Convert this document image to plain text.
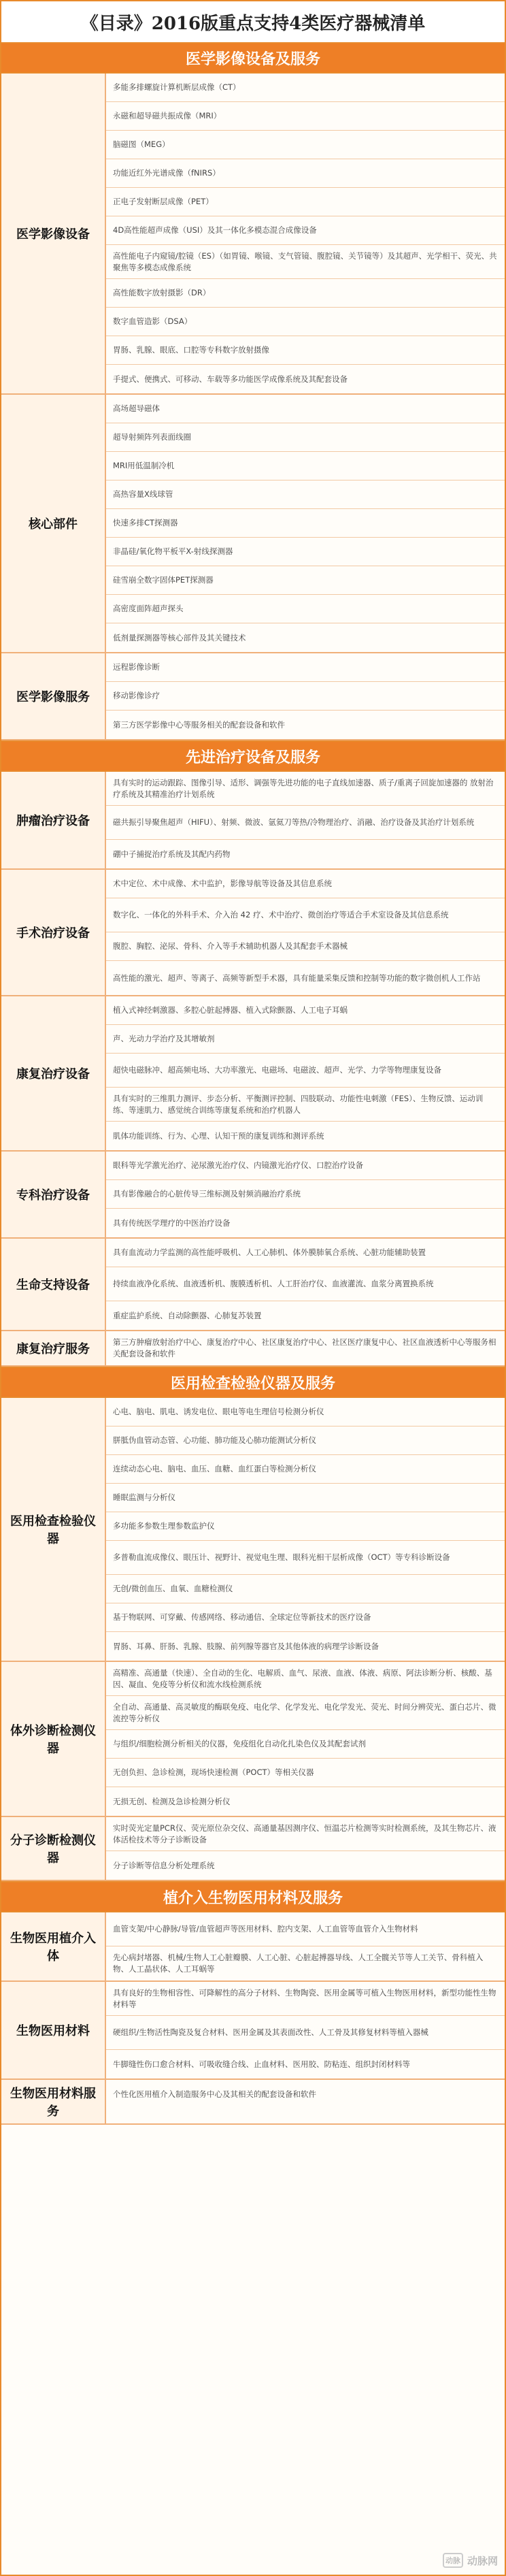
《目录》2016版重点支持4类医疗器械清单
医学影像设备及服务
医学影像设备
多能多排螺旋计算机断层成像（CT）
永磁和超导磁共振成像（MRI）
脑磁图（MEG）
功能近红外光谱成像（fNIRS）
正电子发射断层成像（PET）
4D高性能超声成像（USI）及其一体化多模态混合成像设备
高性能电子内窥镜/腔镜（ES）（如胃镜、喉镜、支气管镜、腹腔镜、关节镜等）及其超声、光学相干、荧光、共聚焦等多模态成像系统
高性能数字放射摄影（DR）
数字血管造影（DSA）
胃肠、乳腺、眼底、口腔等专科数字放射摄像
手提式、便携式、可移动、车载等多功能医学成像系统及其配套设备
核心部件
高场超导磁体
超导射频阵列表面线圈
MRI用低温制冷机
高热容量X线球管
快速多排CT探测器
非晶硅/氧化物平板平X-射线探测器
硅雪崩全数字固体PET探测器
高密度面阵超声探头
低剂量探测器等核心部件及其关键技术
医学影像服务
远程影像诊断
移动影像诊疗
第三方医学影像中心等服务相关的配套设备和软件
先进治疗设备及服务
肿瘤治疗设备
具有实时的运动跟踪、图像引导、适形、调强等先进功能的电子直线加速器、质子/重离子回旋加速器的 放射治疗系统及其精准治疗计划系统
磁共振引导聚焦超声（HIFU）、射频、微波、氩氦刀等热/冷物理治疗、消融、治疗设备及其治疗计划系统
硼中子捕捉治疗系统及其配内药物
手术治疗设备
术中定位、术中成像、术中监护，影像导航等设备及其信息系统
数字化、一体化的外科手术、介入治 42 疗、术中治疗、微创治疗等适合手术室设备及其信息系统
腹腔、胸腔、泌尿、骨科、介入等手术辅助机器人及其配套手术器械
高性能的激光、超声、等离子、高频等新型手术器，具有能量采集反馈和控制等功能的数字微创机人工作站
康复治疗设备
植入式神经刺激器、多腔心脏起搏器、植入式除颤器、人工电子耳蜗
声、光动力学治疗及其增敏剂
超快电磁脉冲、超高频电场、大功率激光、电磁场、电磁波、超声、光学、力学等物理康复设备
具有实时的三维肌力测评、步态分析、平衡测评控制、四肢联动、功能性电刺激（FES）、生物反馈、运动训练、等速肌力、感觉统合训练等康复系统和治疗机器人
肌体功能训练、行为、心理、认知干预的康复训练和测评系统
专科治疗设备
眼科等光学激光治疗、泌尿激光治疗仪、内镜激光治疗仪、口腔治疗设备
具有影像融合的心脏传导三维标测及射频消融治疗系统
具有传统医学理疗的中医治疗设备
生命支持设备
具有血流动力学监测的高性能呼吸机、人工心肺机、体外膜肺氧合系统、心脏功能辅助装置
持续血液净化系统、血液透析机、腹膜透析机、人工肝治疗仪、血液灌流、血浆分离置换系统
重症监护系统、自动除颤器、心肺复苏装置
康复治疗服务	第三方肿瘤放射治疗中心、康复治疗中心、社区康复治疗中心、社区医疗康复中心、社区血液透析中心等服务相关配套设备和软件
医用检查检验仪器及服务
医用检查检验仪器
心电、脑电、肌电、诱发电位、眼电等电生理信号检测分析仪
胼胝伪血管动态管、心功能、肺功能及心肺功能测试分析仪
连续动态心电、脑电、血压、血糖、血红蛋白等检测分析仪
睡眠监测与分析仪
多功能多参数生理参数监护仪
多普勒血流成像仪、眼压计、视野计、视觉电生理、眼科光相干层析成像（OCT）等专科诊断设备
无创/微创血压、血氧、血糖检测仪
基于物联网、可穿戴、传感网络、移动通信、全球定位等新技术的医疗设备
胃肠、耳鼻、肝肠、乳腺、肢腺、前列腺等器官及其他体液的病理学诊断设备
体外诊断检测仪器
高精准、高通量（快速）、全自动的生化、电解质、血气、尿液、血液、体液、病原、阿法诊断分析、核酸、基因、凝血、免疫等分析仪和流水线检测系统
全自动、高通量、高灵敏度的酶联免疫、电化学、化学发光、电化学发光、荧光、时间分辨荧光、蛋白芯片、微流控等分析仪
与组织/细胞检测分析相关的仪器，免疫组化自动化扎染色仪及其配套试剂
无创负担、急诊检测，现场快速检测（POCT）等相关仪器
无损无创、检测及急诊检测分析仪
分子诊断检测仪器
实时荧光定量PCR仪、荧光原位杂交仪、高通量基因测序仪、恒温芯片检测等实时检测系统，及其生物芯片、液体活检技术等分子诊断设备
分子诊断等信息分析处理系统
植介入生物医用材料及服务
生物医用植介入体
血管支架/中心静脉/导管/血管超声等医用材料、腔内支架、人工血管等血管介入生物材料
先心病封堵器、机械/生物人工心脏瓣膜、人工心脏、心脏起搏器导线、人工全髋关节等人工关节、骨科植入物、人工晶状体、人工耳蜗等
生物医用材料
具有良好的生物相容性、可降解性的高分子材料、生物陶瓷、医用金属等可植入生物医用材料，新型功能性生物材料等
硬组织/生物活性陶瓷及复合材料、医用金属及其表面改性、人工骨及其修复材料等植入器械
牛脚缝性伤口愈合材料、可吸收缝合线、止血材料、医用胶、防粘连、组织封闭材料等
生物医用材料服务
个性化医用植介入制造服务中心及其相关的配套设备和软件
动脉 动脉网
